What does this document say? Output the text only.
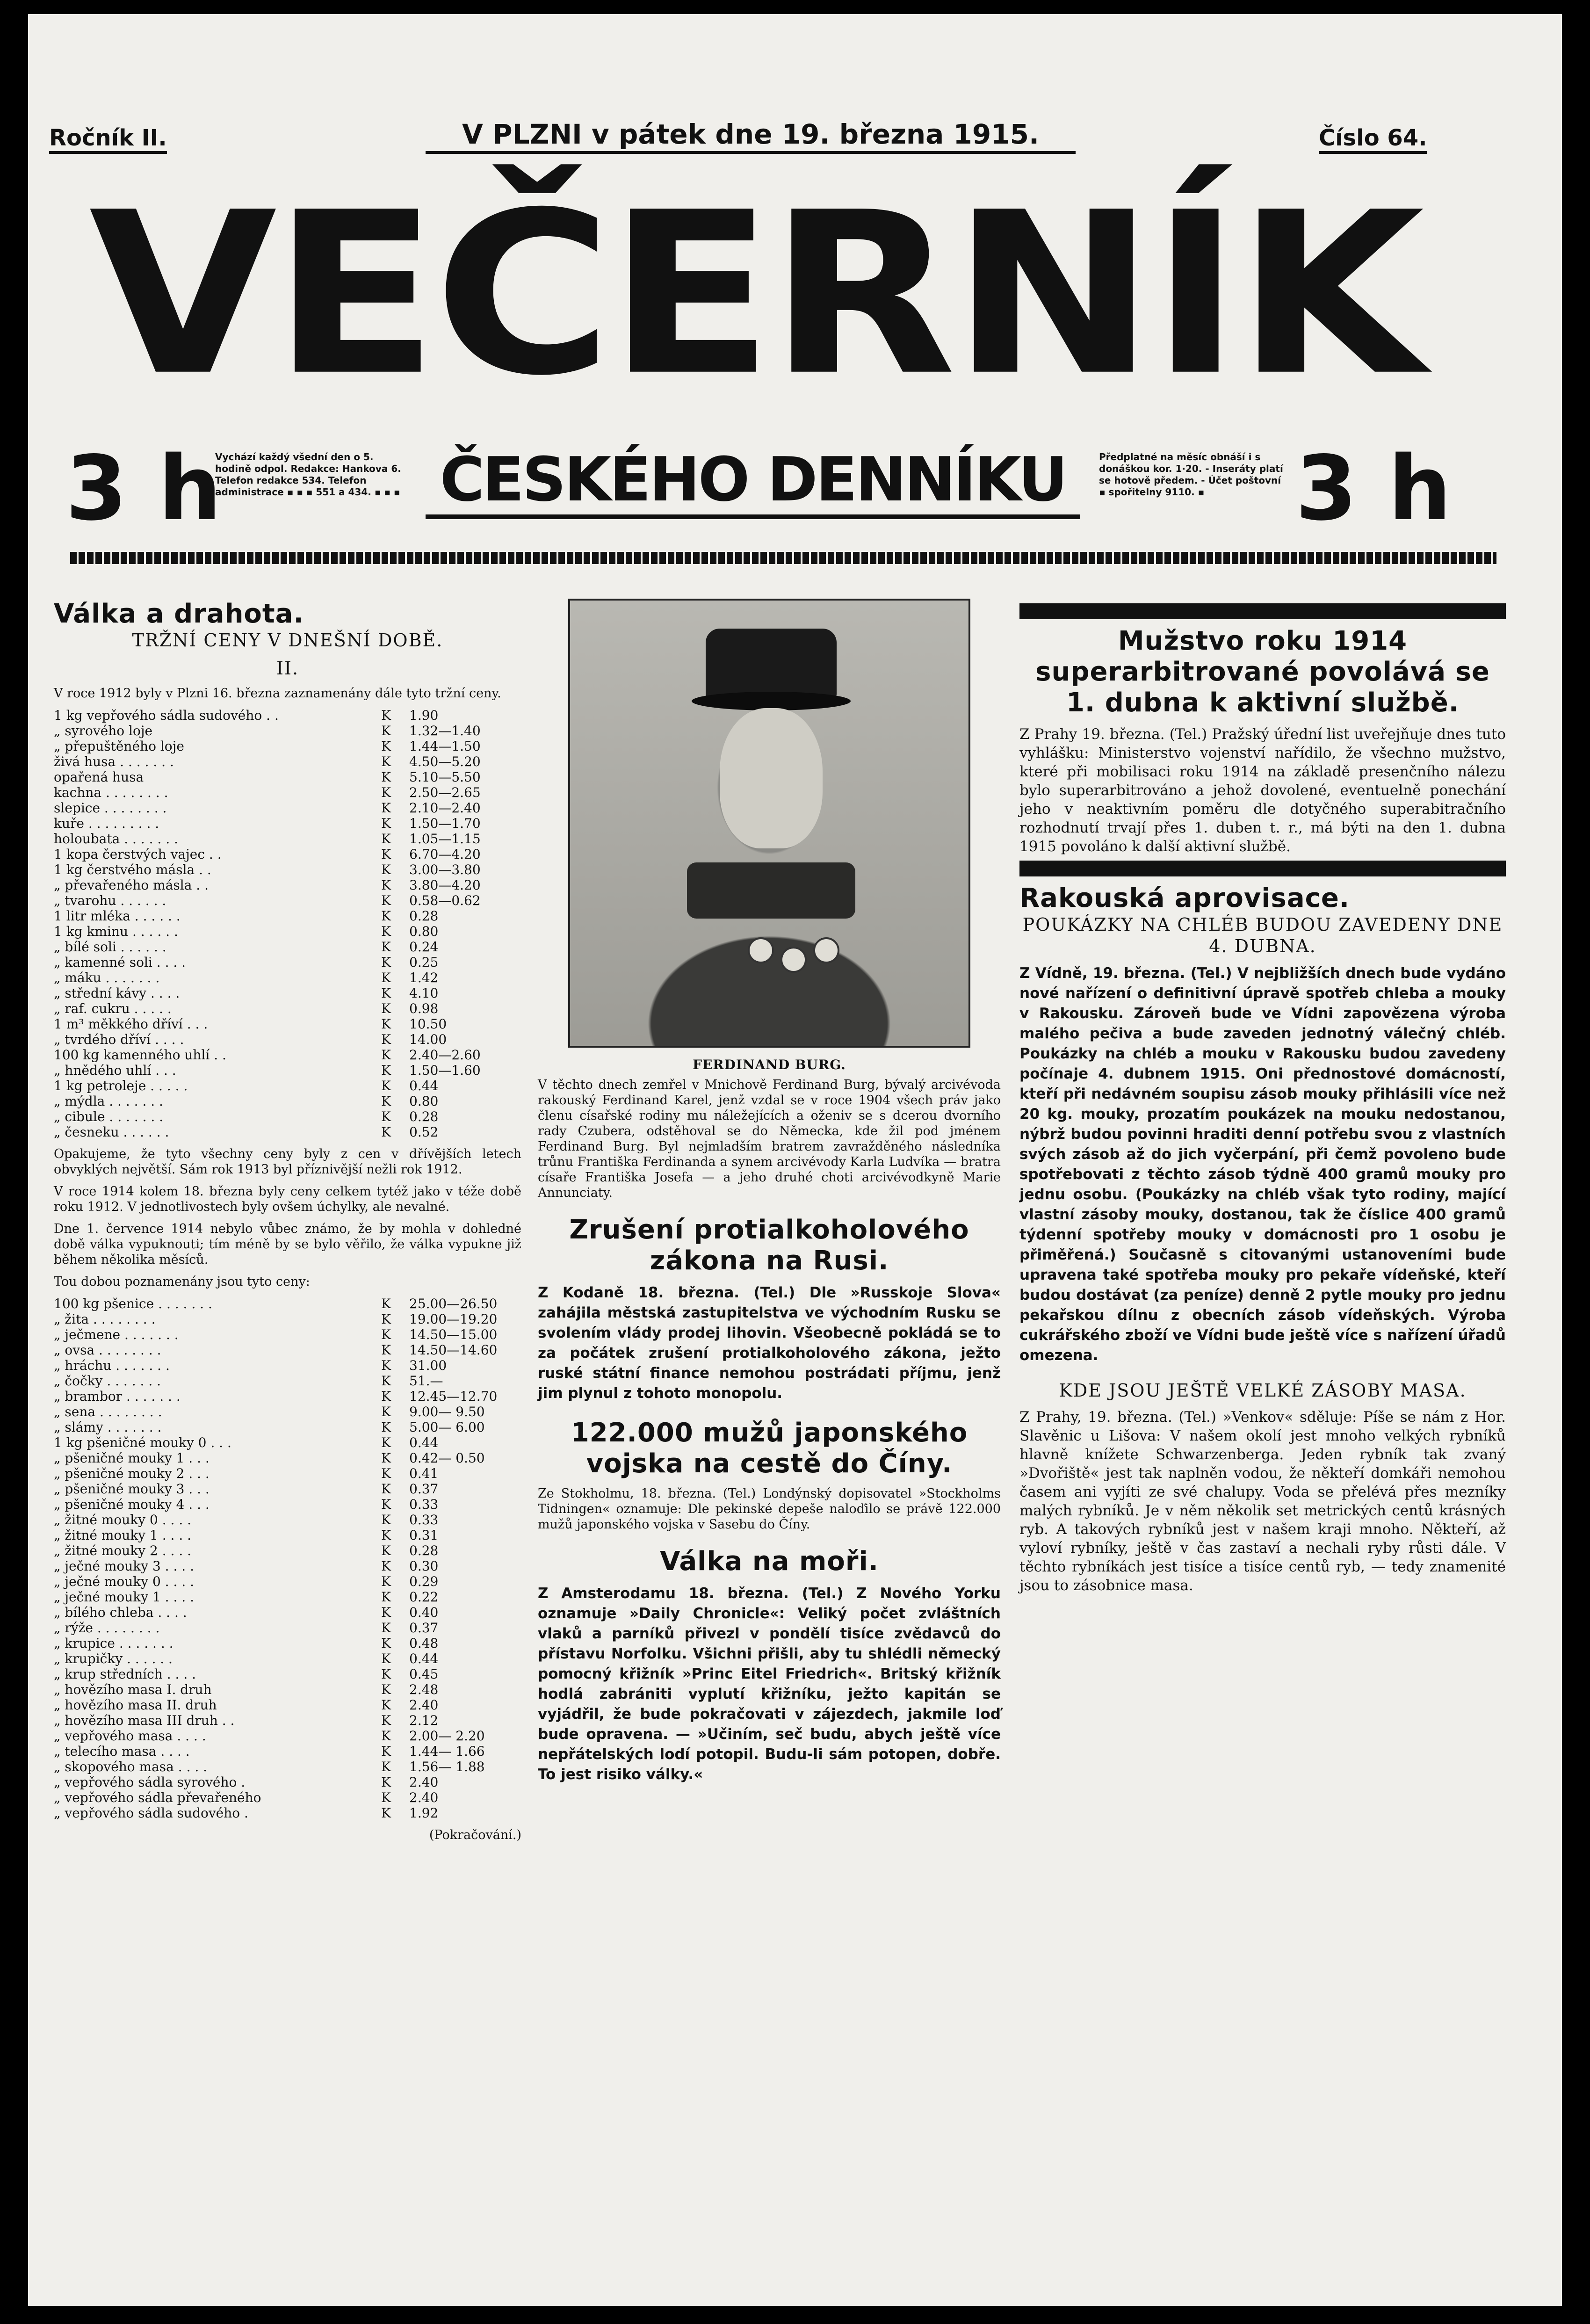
Ročník II.	V PLZNI v pátek dne 19. března 1915.	Číslo 64.
VEČERNÍK
3 h
Vychází každý všední den o 5. hodině odpol. Redakce: Hankova 6. Telefon redakce 534. Telefon administrace ▪ ▪ ▪ 551 a 434. ▪ ▪ ▪ ČESKÉHO DENNÍKU	Předplatné na měsíc obnáší i s donáškou kor. 1·20. - Inseráty platí se hotově předem. - Účet poštovní ▪ spořitelny 9110. ▪	3 h
Válka a drahota.
TRŽNÍ CENY V DNEŠNÍ DOBĚ.
II.
V roce 1912 byly v Plzni 16. března zaznamenány dále tyto tržní ceny.
1 kg vepřového sádla sudového . .	K	1.90
„ syrového loje	K	1.32—1.40
„ přepuštěného loje	K	1.44—1.50
živá husa . . . . . . .	K	4.50—5.20
opařená husa	K	5.10—5.50
kachna . . . . . . . .	K	2.50—2.65
slepice . . . . . . . .	K	2.10—2.40
kuře . . . . . . . . .	K	1.50—1.70
holoubata . . . . . . .	K	1.05—1.15
1 kopa čerstvých vajec . .	K	6.70—4.20
1 kg čerstvého másla . .	K	3.00—3.80
„ převařeného másla . .	K	3.80—4.20
„ tvarohu . . . . . .	K	0.58—0.62
1 litr mléka . . . . . .	K	0.28
1 kg kminu . . . . . .	K	0.80
„ bílé soli . . . . . .	K	0.24
„ kamenné soli . . . .	K	0.25
„ máku . . . . . . .	K	1.42
„ střední kávy . . . .	K	4.10
„ raf. cukru . . . . .	K	0.98
1 m³ měkkého dříví . . .	K	10.50
„ tvrdého dříví . . . .	K	14.00
100 kg kamenného uhlí . .	K	2.40—2.60
„ hnědého uhlí . . .	K	1.50—1.60
1 kg petroleje . . . . .	K	0.44
„ mýdla . . . . . . .	K	0.80
„ cibule . . . . . . .	K	0.28
„ česneku . . . . . .	K	0.52
Opakujeme, že tyto všechny ceny byly z cen v dřívějších letech obvyklých největší. Sám rok 1913 byl příznivější nežli rok 1912.
V roce 1914 kolem 18. března byly ceny celkem tytéž jako v téže době roku 1912. V jednotlivostech byly ovšem úchylky, ale nevalné.
Dne 1. července 1914 nebylo vůbec známo, že by mohla v dohledné době válka vypuknouti; tím méně by se bylo věřilo, že válka vypukne již během několika měsíců.
Tou dobou poznamenány jsou tyto ceny:
100 kg pšenice . . . . . . .	K	25.00—26.50
„ žita . . . . . . . .	K	19.00—19.20
„ ječmene . . . . . . .	K	14.50—15.00
„ ovsa . . . . . . . .	K	14.50—14.60
„ hráchu . . . . . . .	K	31.00
„ čočky . . . . . . .	K	51.—
„ brambor . . . . . . .	K	12.45—12.70
„ sena . . . . . . . .	K	9.00— 9.50
„ slámy . . . . . . .	K	5.00— 6.00
1 kg pšeničné mouky 0 . . .	K	0.44
„ pšeničné mouky 1 . . .	K	0.42— 0.50
„ pšeničné mouky 2 . . .	K	0.41
„ pšeničné mouky 3 . . .	K	0.37
„ pšeničné mouky 4 . . .	K	0.33
„ žitné mouky 0 . . . .	K	0.33
„ žitné mouky 1 . . . .	K	0.31
„ žitné mouky 2 . . . .	K	0.28
„ ječné mouky 3 . . . .	K	0.30
„ ječné mouky 0 . . . .	K	0.29
„ ječné mouky 1 . . . .	K	0.22
„ bílého chleba . . . .	K	0.40
„ rýže . . . . . . . .	K	0.37
„ krupice . . . . . . .	K	0.48
„ krupičky . . . . . .	K	0.44
„ krup středních . . . .	K	0.45
„ hovězího masa I. druh	K	2.48
„ hovězího masa II. druh	K	2.40
„ hovězího masa III druh . .	K	2.12
„ vepřového masa . . . .	K	2.00— 2.20
„ telecího masa . . . .	K	1.44— 1.66
„ skopového masa . . . .	K	1.56— 1.88
„ vepřového sádla syrového .	K	2.40
„ vepřového sádla převařeného	K	2.40
„ vepřového sádla sudového .	K	1.92
(Pokračování.)
FERDINAND BURG.
V těchto dnech zemřel v Mnichově Ferdinand Burg, bývalý arcivévoda rakouský Ferdinand Karel, jenž vzdal se v roce 1904 všech práv jako členu císařské rodiny mu náležejících a oženiv se s dcerou dvorního rady Czubera, odstěhoval se do Německa, kde žil pod jménem Ferdinand Burg. Byl nejmladším bratrem zavražděného následníka trůnu Františka Ferdinanda a synem arcivévody Karla Ludvíka — bratra císaře Františka Josefa — a jeho druhé choti arcivévodkyně Marie Annunciaty.
Zrušení protialkoholového zákona na Rusi.
Z Kodaně 18. března. (Tel.) Dle »Russkoje Slova« zahájila městská zastupitelstva ve východním Rusku se svolením vlády prodej lihovin. Všeobecně pokládá se to za počátek zrušení protialkoholového zákona, ježto ruské státní finance nemohou postrádati příjmu, jenž jim plynul z tohoto monopolu.
122.000 mužů japonského vojska na cestě do Číny.
Ze Stokholmu, 18. března. (Tel.) Londýnský dopisovatel »Stockholms Tidningen« oznamuje: Dle pekinské depeše naloďilo se právě 122.000 mužů japonského vojska v Sasebu do Číny.
Válka na moři.
Z Amsterodamu 18. března. (Tel.) Z Nového Yorku oznamuje »Daily Chronicle«: Veliký počet zvláštních vlaků a parníků přivezl v pondělí tisíce zvědavců do přístavu Norfolku. Všichni přišli, aby tu shlédli německý pomocný křižník »Princ Eitel Friedrich«. Britský křižník hodlá zabrániti vyplutí křižníku, ježto kapitán se vyjádřil, že bude pokračovati v zájezdech, jakmile loď bude opravena. — »Učiním, seč budu, abych ještě více nepřátelských lodí potopil. Budu-li sám potopen, dobře. To jest risiko války.«
Mužstvo roku 1914 superarbitrované povolává se 1. dubna k aktivní službě.
Z Prahy 19. března. (Tel.) Pražský úřední list uveřejňuje dnes tuto vyhlášku: Ministerstvo vojenství nařídilo, že všechno mužstvo, které při mobilisaci roku 1914 na základě presenčního nálezu bylo superarbitrováno a jehož dovolené, eventuelně ponechání jeho v neaktivním poměru dle dotyčného superabitračního rozhodnutí trvají přes 1. duben t. r., má býti na den 1. dubna 1915 povoláno k další aktivní službě.
Rakouská aprovisace.
POUKÁZKY NA CHLÉB BUDOU ZAVEDENY DNE 4. DUBNA.
Z Vídně, 19. března. (Tel.) V nejbližších dnech bude vydáno nové nařízení o definitivní úpravě spotřeb chleba a mouky v Rakousku. Zároveň bude ve Vídni zapovězena výroba malého pečiva a bude zaveden jednotný válečný chléb. Poukázky na chléb a mouku v Rakousku budou zavedeny počínaje 4. dubnem 1915. Oni přednostové domácností, kteří při nedávném soupisu zásob mouky přihlásili více než 20 kg. mouky, prozatím poukázek na mouku nedostanou, nýbrž budou povinni hraditi denní potřebu svou z vlastních svých zásob až do jich vyčerpání, při čemž povoleno bude spotřebovati z těchto zásob týdně 400 gramů mouky pro jednu osobu. (Poukázky na chléb však tyto rodiny, mající vlastní zásoby mouky, dostanou, tak že číslice 400 gramů týdenní spotřeby mouky v domácnosti pro 1 osobu je přiměřená.) Současně s citovanými ustanoveními bude upravena také spotřeba mouky pro pekaře vídeňské, kteří budou dostávat (za peníze) denně 2 pytle mouky pro jednu pekařskou dílnu z obecních zásob vídeňských. Výroba cukrářského zboží ve Vídni bude ještě více s nařízení úřadů omezena.
KDE JSOU JEŠTĚ VELKÉ ZÁSOBY MASA.
Z Prahy, 19. března. (Tel.) »Venkov« sděluje: Píše se nám z Hor. Slavěnic u Lišova: V našem okolí jest mnoho velkých rybníků hlavně knížete Schwarzenberga. Jeden rybník tak zvaný »Dvořiště« jest tak naplněn vodou, že někteří domkáři nemohou časem ani vyjíti ze své chalupy. Voda se přelévá přes mezníky malých rybníků. Je v něm několik set metrických centů krásných ryb. A takových rybníků jest v našem kraji mnoho. Někteří, až vyloví rybníky, ještě v čas zastaví a nechali ryby růsti dále. V těchto rybníkách jest tisíce a tisíce centů ryb, — tedy znamenité jsou to zásobnice masa.
